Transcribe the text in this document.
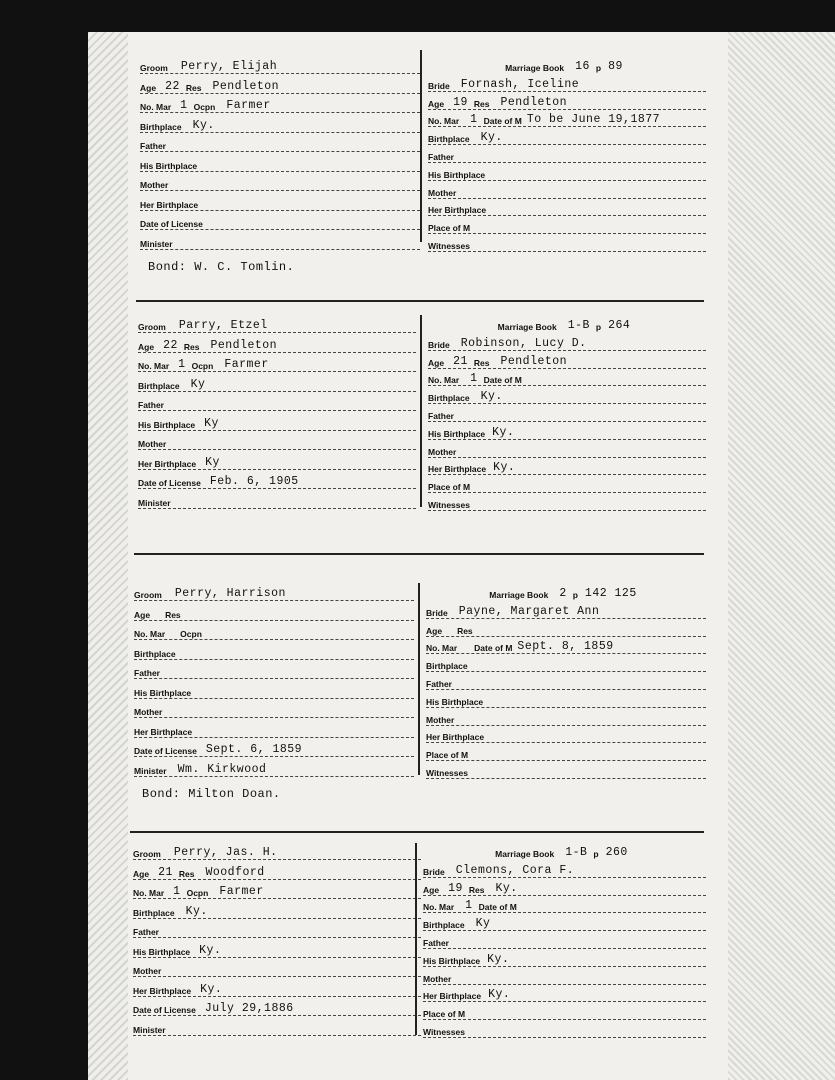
Groom Perry, Elijah
Age 22 Res Pendleton
No. Mar 1 Ocpn Farmer
Birthplace Ky.
Father
His Birthplace
Mother
Her Birthplace
Date of License
Minister
Marriage Book 16 p 89
Bride Fornash, Iceline
Age 19 Res Pendleton
No. Mar 1 Date of M To be June 19,1877
Birthplace Ky.
Father
His Birthplace
Mother
Her Birthplace
Place of M
Witnesses
Bond: W. C. Tomlin.
Groom Parry, Etzel
Age 22 Res Pendleton
No. Mar 1 Ocpn Farmer
Birthplace Ky
Father
His Birthplace Ky
Mother
Her Birthplace Ky
Date of License Feb. 6, 1905
Minister
Marriage Book 1-B p 264
Bride Robinson, Lucy D.
Age 21 Res Pendleton
No. Mar 1 Date of M
Birthplace Ky.
Father
His Birthplace Ky.
Mother
Her Birthplace Ky.
Place of M
Witnesses
Groom Perry, Harrison
Age Res
No. Mar Ocpn
Birthplace
Father
His Birthplace
Mother
Her Birthplace
Date of License Sept. 6, 1859
Minister Wm. Kirkwood
Marriage Book 2 p 142 125
Bride Payne, Margaret Ann
Age Res
No. Mar Date of M Sept. 8, 1859
Birthplace
Father
His Birthplace
Mother
Her Birthplace
Place of M
Witnesses
Bond: Milton Doan.
Groom Perry, Jas. H.
Age 21 Res Woodford
No. Mar 1 Ocpn Farmer
Birthplace Ky.
Father
His Birthplace Ky.
Mother
Her Birthplace Ky.
Date of License July 29,1886
Minister
Marriage Book 1-B p 260
Bride Clemons, Cora F.
Age 19 Res Ky.
No. Mar 1 Date of M
Birthplace Ky
Father
His Birthplace Ky.
Mother
Her Birthplace Ky.
Place of M
Witnesses
